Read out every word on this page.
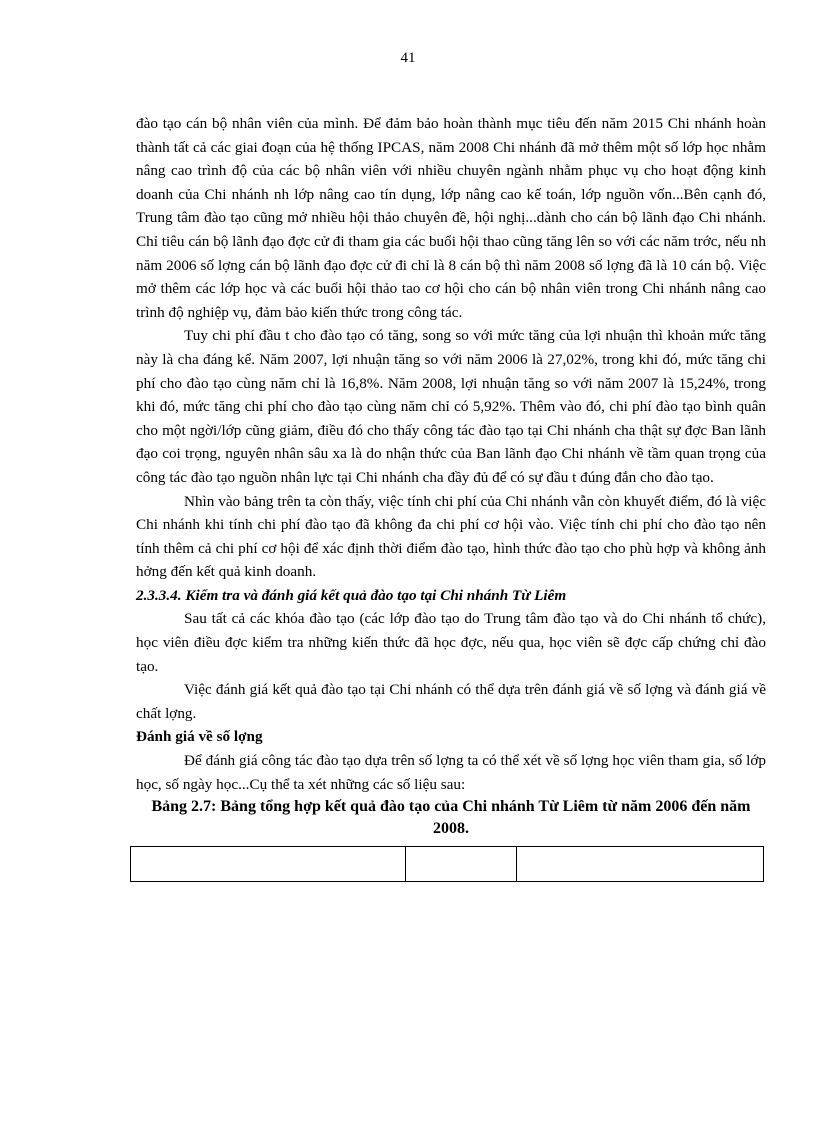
41

đào tạo cán bộ nhân viên của mình. Để đảm bảo hoàn thành mục tiêu đến năm 2015 Chi nhánh hoàn thành tất cả các giai đoạn của hệ thống IPCAS, năm 2008 Chi nhánh đã mở thêm một số lớp học nhằm nâng cao trình độ của các bộ nhân viên với nhiều chuyên ngành nhằm phục vụ cho hoạt động kinh doanh của Chi nhánh nh lớp nâng cao tín dụng, lớp nâng cao kế toán, lớp nguồn vốn...Bên cạnh đó, Trung tâm đào tạo cũng mở nhiều hội thảo chuyên đề, hội nghị...dành cho cán bộ lãnh đạo Chi nhánh. Chỉ tiêu cán bộ lãnh đạo đợc cử đi tham gia các buổi hội thao cũng tăng lên so với các năm trớc, nếu nh năm 2006 số lợng cán bộ lãnh đạo đợc cử đi chỉ là 8 cán bộ thì năm 2008 số lợng đã là 10 cán bộ. Việc mở thêm các lớp học và các buổi hội thảo tao cơ hội cho cán bộ nhân viên trong Chi nhánh nâng cao trình độ nghiệp vụ, đảm bảo kiến thức trong công tác.

Tuy chi phí đầu t cho đào tạo có tăng, song so với mức tăng của lợi nhuận thì khoản mức tăng này là cha đáng kể. Năm 2007, lợi nhuận tăng so với năm 2006 là 27,02%, trong khi đó, mức tăng chi phí cho đào tạo cùng năm chỉ là 16,8%. Năm 2008, lợi nhuận tăng so với năm 2007 là 15,24%, trong khi đó, mức tăng chi phí cho đào tạo cùng năm chỉ có 5,92%. Thêm vào đó, chi phí đào tạo bình quân cho một ngời/lớp cũng giảm, điều đó cho thấy công tác đào tạo tại Chi nhánh cha thật sự đợc Ban lãnh đạo coi trọng, nguyên nhân sâu xa là do nhận thức của Ban lãnh đạo Chi nhánh về tầm quan trọng của công tác đào tạo nguồn nhân lực tại Chi nhánh cha đầy đủ để có sự đầu t đúng đắn cho đào tạo.

Nhìn vào bảng trên ta còn thấy, việc tính chi phí của Chi nhánh vẫn còn khuyết điểm, đó là việc Chi nhánh khi tính chi phí đào tạo đã không đa chi phí cơ hội vào. Việc tính chi phí cho đào tạo nên tính thêm cả chi phí cơ hội để xác định thời điểm đào tạo, hình thức đào tạo cho phù hợp và không ảnh hởng đến kết quả kinh doanh.

2.3.3.4. Kiểm tra và đánh giá kết quả đào tạo tại Chi nhánh Từ Liêm

Sau tất cả các khóa đào tạo (các lớp đào tạo do Trung tâm đào tạo và do Chi nhánh tổ chức), học viên điều đợc kiểm tra những kiến thức đã học đợc, nếu qua, học viên sẽ đợc cấp chứng chỉ đào tạo.

Việc đánh giá kết quả đào tạo tại Chi nhánh có thể dựa trên đánh giá về số lợng và đánh giá về chất lợng.

Đánh giá về số lợng

Để đánh giá công tác đào tạo dựa trên số lợng ta có thể xét về số lợng học viên tham gia, số lớp học, số ngày học...Cụ thể ta xét những các số liệu sau:

Bảng 2.7: Bảng tổng hợp kết quả đào tạo của Chi nhánh Từ Liêm từ năm 2006 đến năm 2008.
